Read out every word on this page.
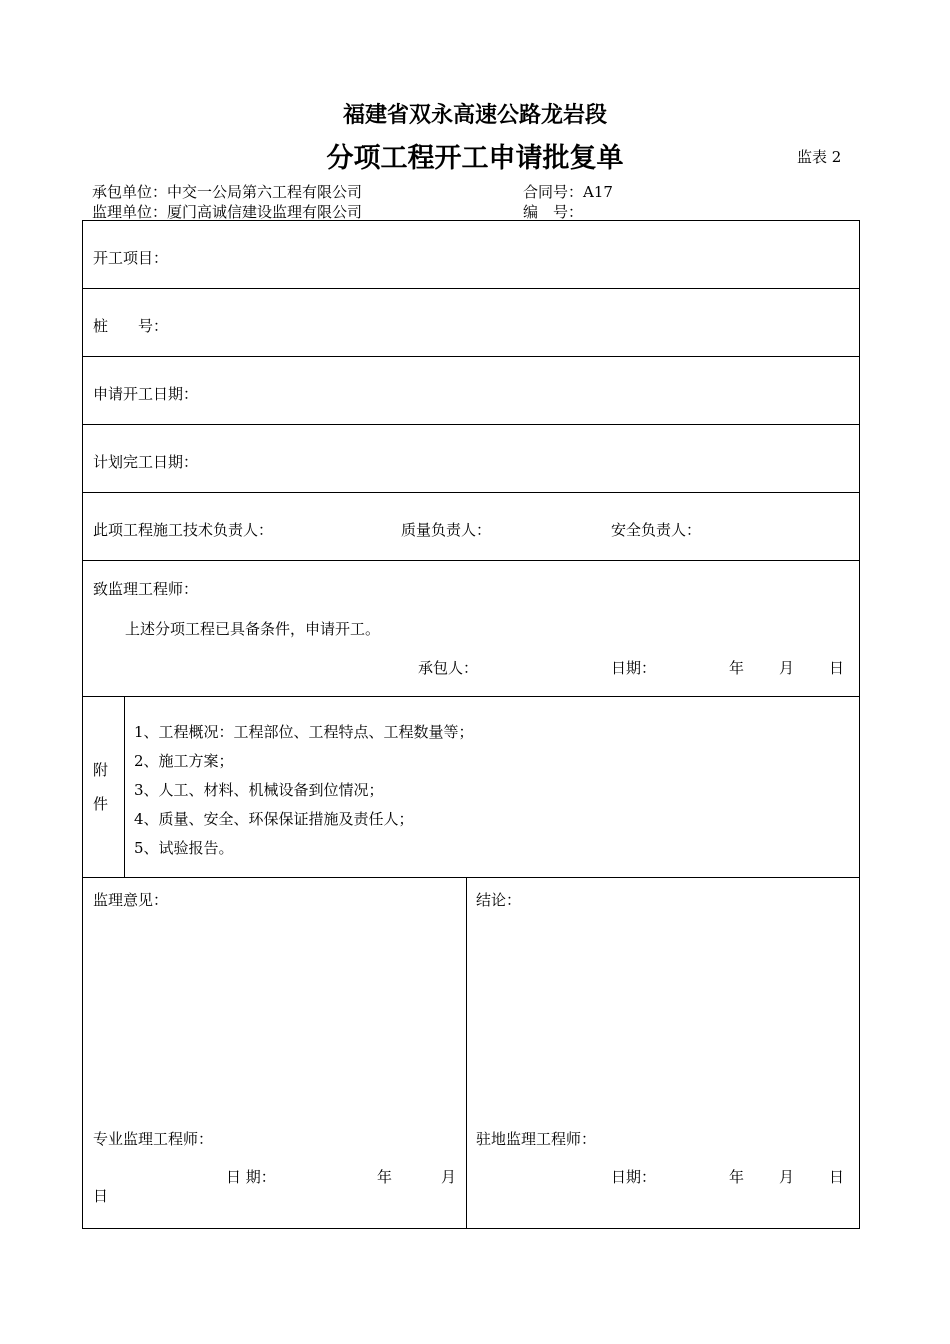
福建省双永高速公路龙岩段
分项工程开工申请批复单	监表 2
承包单位：中交一公局第六工程有限公司	合同号：A17
监理单位：厦门高诚信建设监理有限公司	编　号：
开工项目：
桩　　号：
申请开工日期：
计划完工日期：
此项工程施工技术负责人：	质量负责人：	安全负责人：
致监理工程师：
上述分项工程已具备条件，申请开工。
承包人：	日期：	年 月 日
附
件
1、工程概况：工程部位、工程特点、工程数量等；
2、施工方案；
3、人工、材料、机械设备到位情况；
4、质量、安全、环保保证措施及责任人；
5、试验报告。
监理意见：
专业监理工程师：
日 期：	年	月
日
结论：
驻地监理工程师：
日期：	年 月 日
